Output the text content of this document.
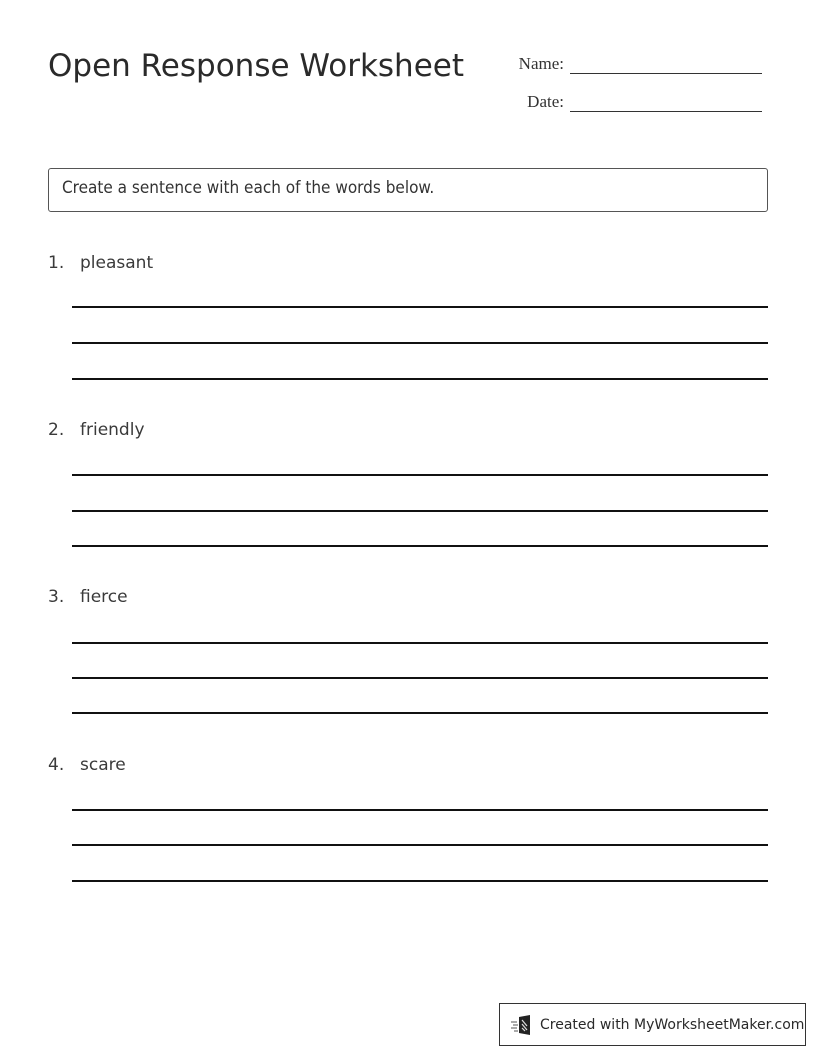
Open Response Worksheet	Name:
Date:
Create a sentence with each of the words below.
1. pleasant
2. friendly
3. fierce
4. scare
Created with MyWorksheetMaker.com
